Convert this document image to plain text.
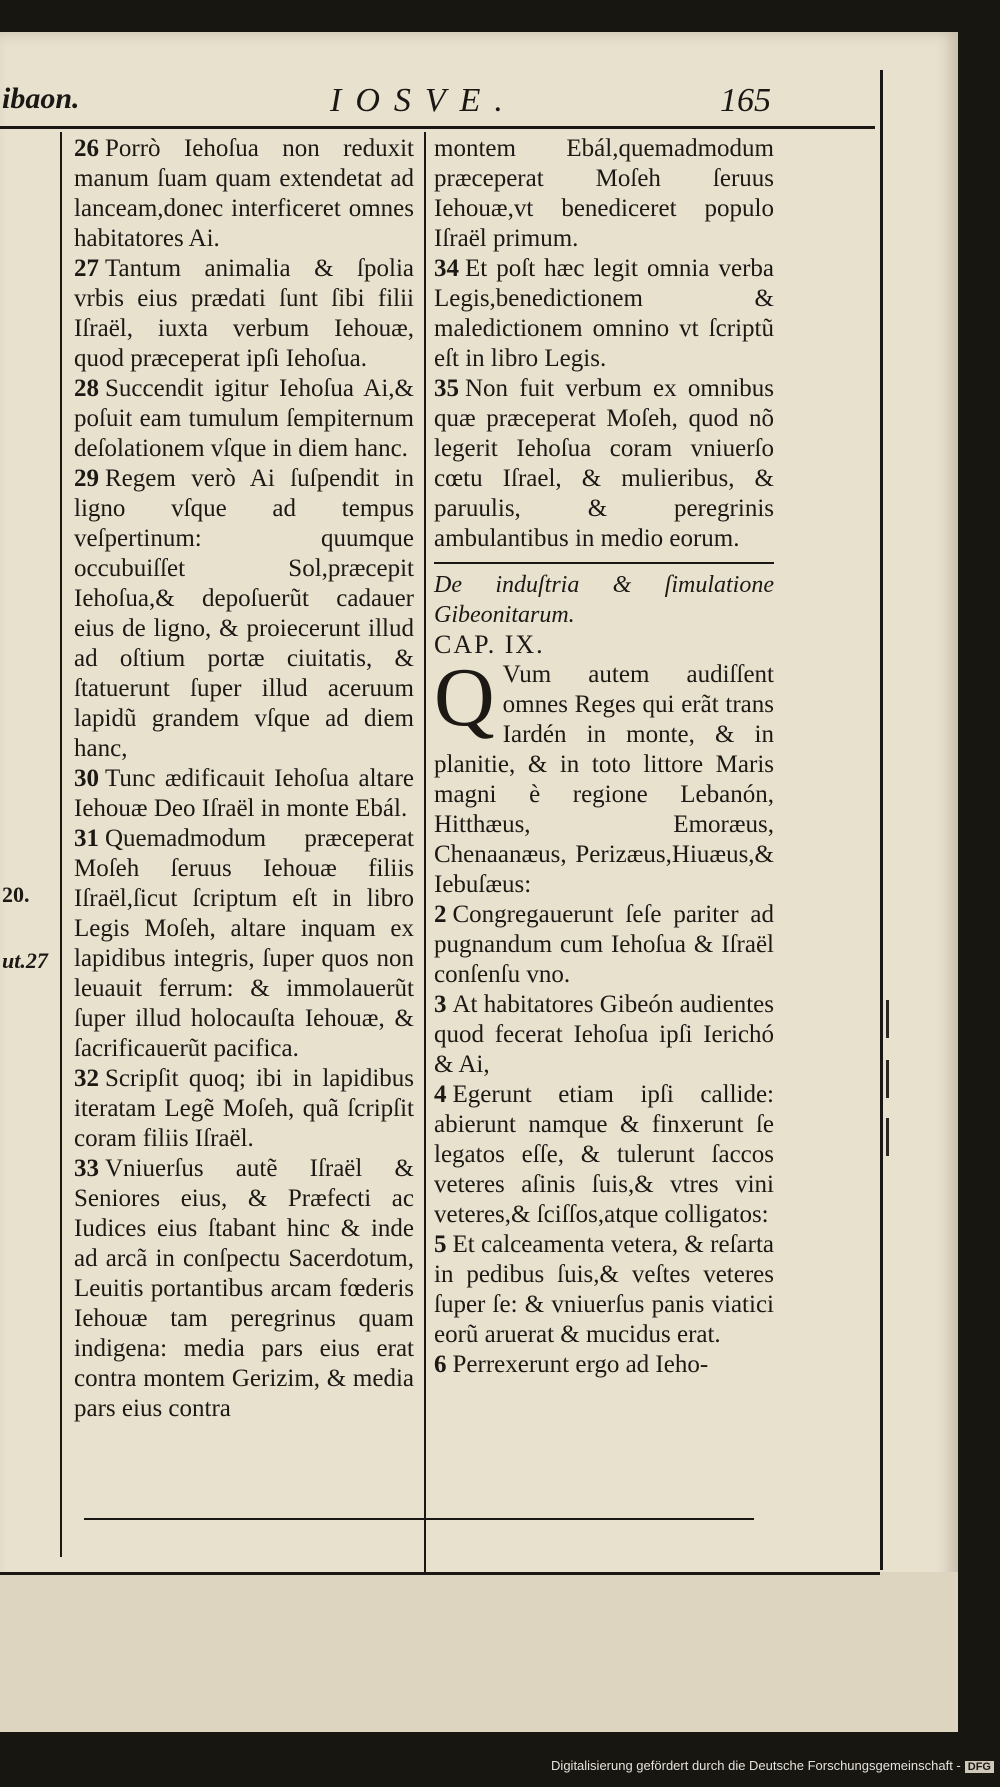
ibaon.	IOSVE.	165
20.
ut.27

26 Porrò Iehoſua non reduxit manum ſuam quam extendetat ad lanceam,donec interficeret omnes habitatores Ai.

27 Tantum animalia & ſpolia vrbis eius prædati ſunt ſibi filii Iſraël, iuxta verbum Iehouæ, quod præceperat ipſi Iehoſua.

28 Succendit igitur Iehoſua Ai,& poſuit eam tumulum ſempiternum deſolationem vſque in diem hanc.

29 Regem verò Ai ſuſpendit in ligno vſque ad tempus veſpertinum: quumque occubuiſſet Sol,præcepit Iehoſua,& depoſuerũt cadauer eius de ligno, & proiecerunt illud ad oſtium portæ ciuitatis, & ſtatuerunt ſuper illud aceruum lapidũ grandem vſque ad diem hanc,

30 Tunc ædificauit Iehoſua altare Iehouæ Deo Iſraël in monte Ebál.

31 Quemadmodum præceperat Moſeh ſeruus Iehouæ filiis Iſraël,ſicut ſcriptum eſt in libro Legis Moſeh, altare inquam ex lapidibus integris, ſuper quos non leuauit ferrum: & immolauerũt ſuper illud holocauſta Iehouæ, & ſacrificauerũt pacifica.

32 Scripſit quoq; ibi in lapidibus iteratam Legẽ Moſeh, quã ſcripſit coram filiis Iſraël.

33 Vniuerſus autẽ Iſraël & Seniores eius, & Præfecti ac Iudices eius ſtabant hinc & inde ad arcã in conſpectu Sacerdotum, Leuitis portantibus arcam fœderis Iehouæ tam peregrinus quam indigena: media pars eius erat contra montem Gerizim, & media pars eius contra

montem Ebál,quemadmodum præceperat Moſeh ſeruus Iehouæ,vt benediceret populo Iſraël primum.

34 Et poſt hæc legit omnia verba Legis,benedictionem & maledictionem omnino vt ſcriptũ eſt in libro Legis.

35 Non fuit verbum ex omnibus quæ præceperat Moſeh, quod nõ legerit Iehoſua coram vniuerſo cœtu Iſrael, & mulieribus, & paruulis, & peregrinis ambulantibus in medio eorum.

De induſtria & ſimulatione Gibeonitarum.

CAP. IX.

Q Vum autem audiſſent omnes Reges qui erãt trans Iardén in monte, & in planitie, & in toto littore Maris magni è regione Lebanón, Hitthæus, Emoræus, Chenaanæus, Perizæus,Hiuæus,& Iebuſæus:

2 Congregauerunt ſeſe pariter ad pugnandum cum Iehoſua & Iſraël conſenſu vno.

3 At habitatores Gibeón audientes quod fecerat Iehoſua ipſi Ierichó & Ai,

4 Egerunt etiam ipſi callide: abierunt namque & finxerunt ſe legatos eſſe, & tulerunt ſaccos veteres aſinis ſuis,& vtres vini veteres,& ſciſſos,atque colligatos:

5 Et calceamenta vetera, & reſarta in pedibus ſuis,& veſtes veteres ſuper ſe: & vniuerſus panis viatici eorũ aruerat & mucidus erat.

6 Perrexerunt ergo ad Ieho-

Digitalisierung gefördert durch die Deutsche Forschungsgemeinschaft - DFG
